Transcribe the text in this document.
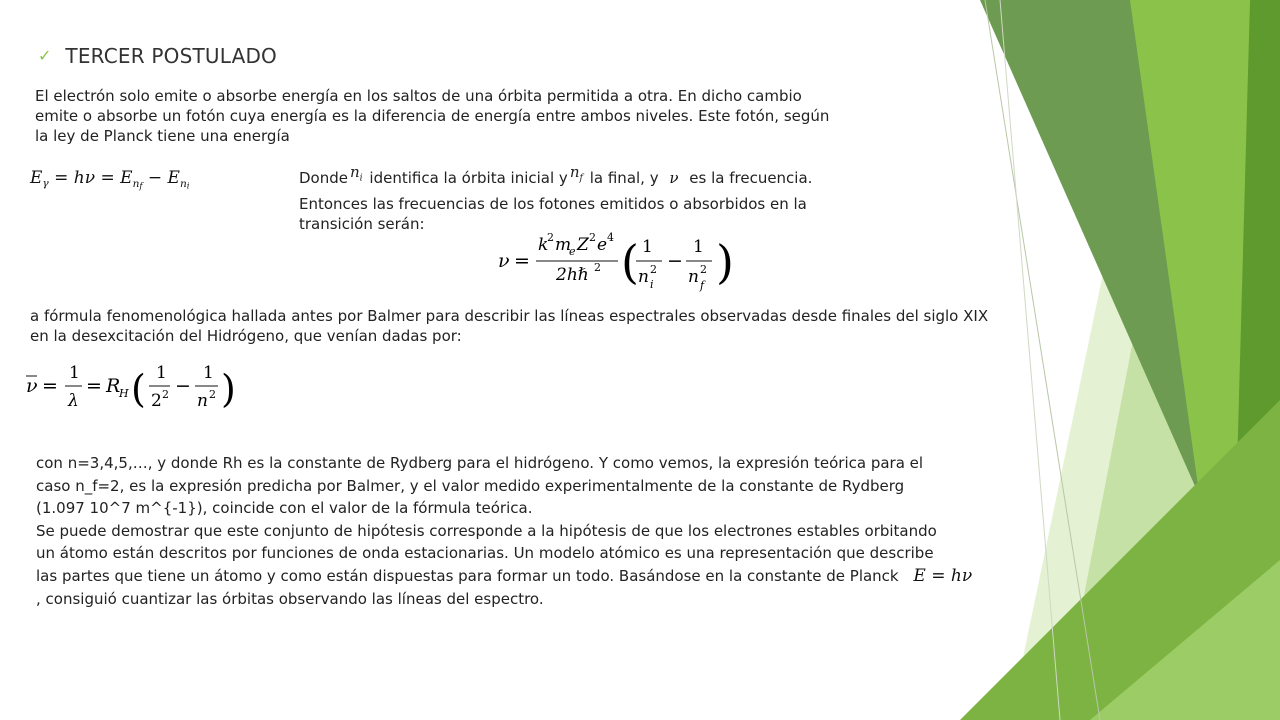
✓ TERCER POSTULADO
El electrón solo emite o absorbe energía en los saltos de una órbita permitida a otra. En dicho cambio
emite o absorbe un fotón cuya energía es la diferencia de energía entre ambos niveles. Este fotón, según
la ley de Planck tiene una energía
$E_\gamma = h\nu = E_{nf} - E_{ni}$	Donde $n_i$ identifica la órbita inicial y $n_f$ la final, y ν es la frecuencia.
Entonces las frecuencias de los fotones emitidos o absorbidos en la
transición serán:
ν =
k
2 m
e Z 2 e 4
2hℏ 2 ( )
1
n 2
i
−
1
n 2
f
a fórmula fenomenológica hallada antes por Balmer para describir las líneas espectrales observadas desde finales del siglo XIX
en la desexcitación del Hidrógeno, que venían dadas por:
ν =
1
λ
= R
H ( 1
2 2 −
1
n 2 )
con n=3,4,5,…, y donde Rh es la constante de Rydberg para el hidrógeno. Y como vemos, la expresión teórica para el
caso n_f=2, es la expresión predicha por Balmer, y el valor medido experimentalmente de la constante de Rydberg
(1.097 10^7 m^{-1}), coincide con el valor de la fórmula teórica.
Se puede demostrar que este conjunto de hipótesis corresponde a la hipótesis de que los electrones estables orbitando
un átomo están descritos por funciones de onda estacionarias. Un modelo atómico es una representación que describe
las partes que tiene un átomo y como están dispuestas para formar un todo. Basándose en la constante de Planck E = hν
, consiguió cuantizar las órbitas observando las líneas del espectro.
